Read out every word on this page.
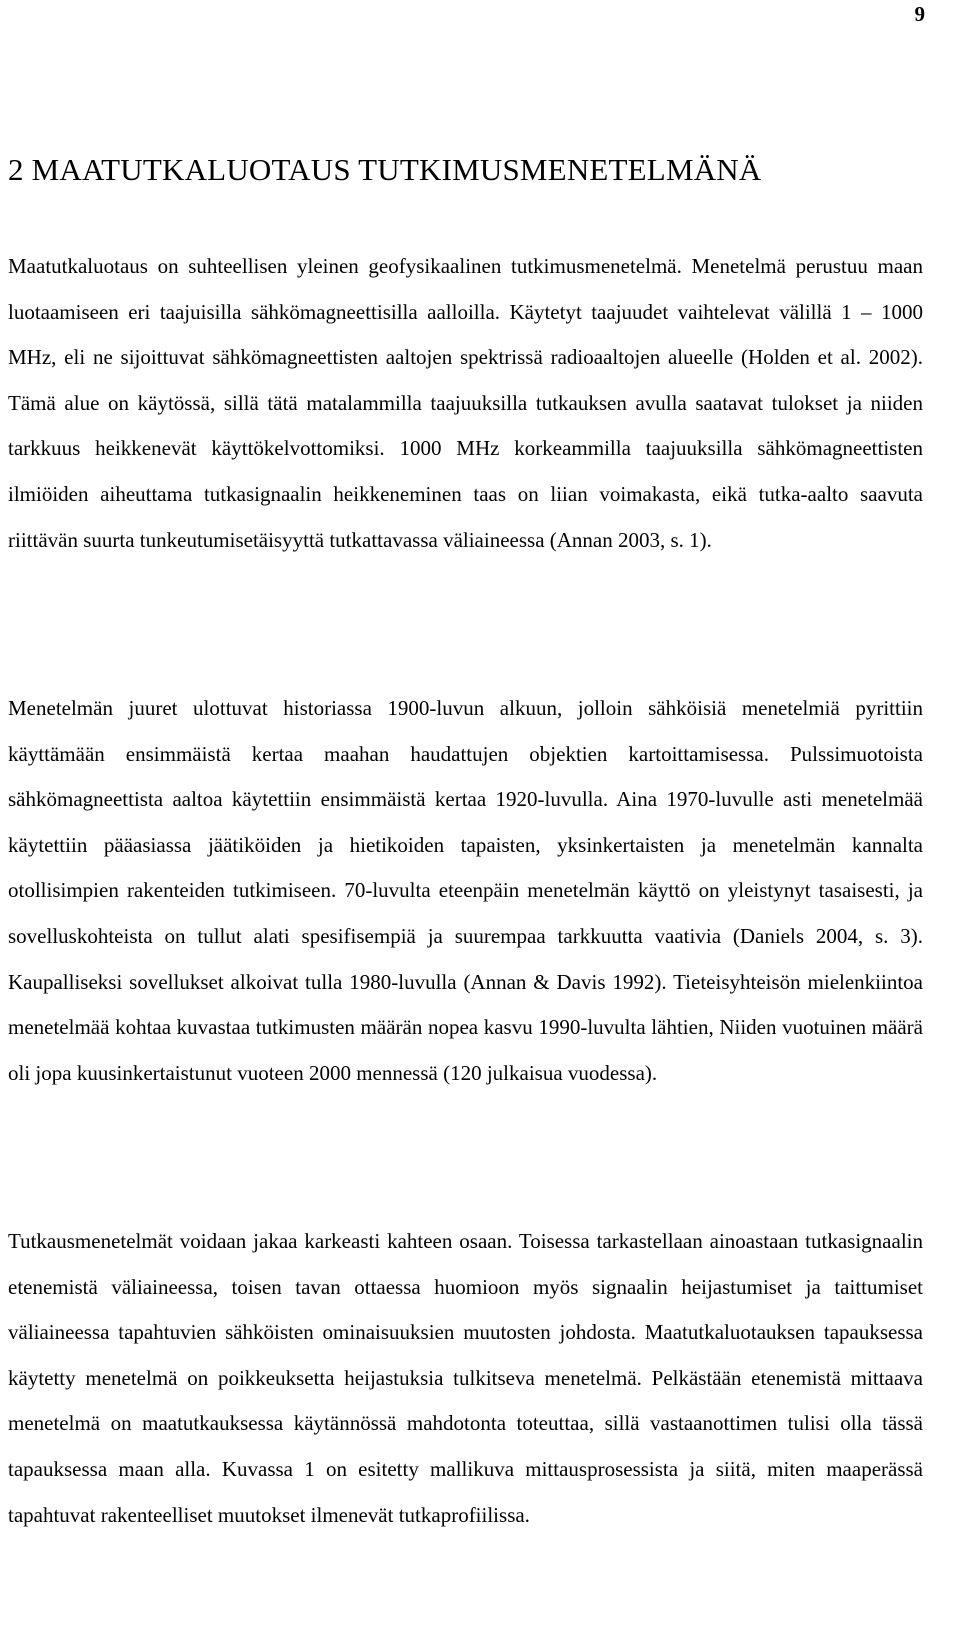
9
2 MAATUTKALUOTAUS TUTKIMUSMENETELMÄNÄ

Maatutkaluotaus on suhteellisen yleinen geofysikaalinen tutkimusmenetelmä. Menetelmä perustuu maan luotaamiseen eri taajuisilla sähkömagneettisilla aalloilla. Käytetyt taajuudet vaihtelevat välillä 1 – 1000 MHz, eli ne sijoittuvat sähkömagneettisten aaltojen spektrissä radioaaltojen alueelle (Holden et al. 2002). Tämä alue on käytössä, sillä tätä matalammilla taajuuksilla tutkauksen avulla saatavat tulokset ja niiden tarkkuus heikkenevät käyttökelvottomiksi. 1000 MHz korkeammilla taajuuksilla sähkömagneettisten ilmiöiden aiheuttama tutkasignaalin heikkeneminen taas on liian voimakasta, eikä tutka-aalto saavuta riittävän suurta tunkeutumisetäisyyttä tutkattavassa väliaineessa (Annan 2003, s. 1).

Menetelmän juuret ulottuvat historiassa 1900-luvun alkuun, jolloin sähköisiä menetelmiä pyrittiin käyttämään ensimmäistä kertaa maahan haudattujen objektien kartoittamisessa. Pulssimuotoista sähkömagneettista aaltoa käytettiin ensimmäistä kertaa 1920-luvulla. Aina 1970-luvulle asti menetelmää käytettiin pääasiassa jäätiköiden ja hietikoiden tapaisten, yksinkertaisten ja menetelmän kannalta otollisimpien rakenteiden tutkimiseen. 70-luvulta eteenpäin menetelmän käyttö on yleistynyt tasaisesti, ja sovelluskohteista on tullut alati spesifisempiä ja suurempaa tarkkuutta vaativia (Daniels 2004, s. 3). Kaupalliseksi sovellukset alkoivat tulla 1980-luvulla (Annan & Davis 1992). Tieteisyhteisön mielenkiintoa menetelmää kohtaa kuvastaa tutkimusten määrän nopea kasvu 1990-luvulta lähtien, Niiden vuotuinen määrä oli jopa kuusinkertaistunut vuoteen 2000 mennessä (120 julkaisua vuodessa).

Tutkausmenetelmät voidaan jakaa karkeasti kahteen osaan. Toisessa tarkastellaan ainoastaan tutkasignaalin etenemistä väliaineessa, toisen tavan ottaessa huomioon myös signaalin heijastumiset ja taittumiset väliaineessa tapahtuvien sähköisten ominaisuuksien muutosten johdosta. Maatutkaluotauksen tapauksessa käytetty menetelmä on poikkeuksetta heijastuksia tulkitseva menetelmä. Pelkästään etenemistä mittaava menetelmä on maatutkauksessa käytännössä mahdotonta toteuttaa, sillä vastaanottimen tulisi olla tässä tapauksessa maan alla. Kuvassa 1 on esitetty mallikuva mittausprosessista ja siitä, miten maaperässä tapahtuvat rakenteelliset muutokset ilmenevät tutkaprofiilissa.
